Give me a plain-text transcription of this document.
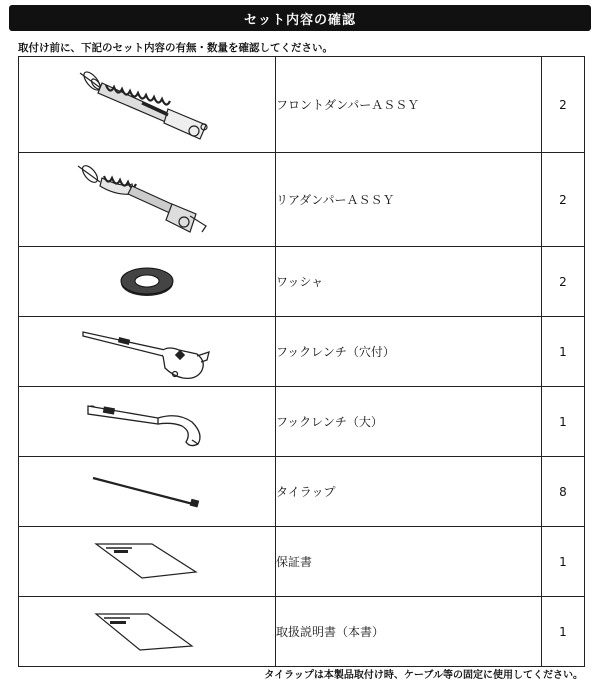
セット内容の確認
取付け前に、下記のセット内容の有無・数量を確認してください。
	フロントダンパーＡＳＳＹ	2

	リアダンパーＡＳＳＹ	2

	ワッシャ	2

	フックレンチ（穴付）	1

	フックレンチ（大）	1

	タイラップ	8

	保証書	1

	取扱説明書（本書）	1
タイラップは本製品取付け時、ケーブル等の固定に使用してください。
